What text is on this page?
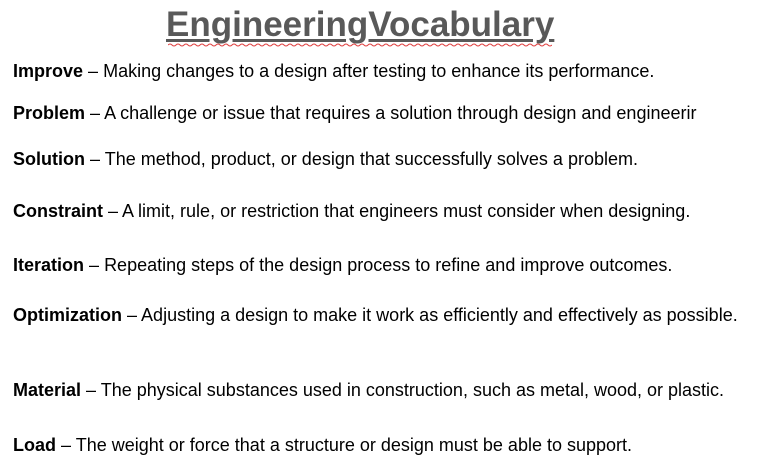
EngineeringVocabulary

Improve – Making changes to a design after testing to enhance its performance.

Problem – A challenge or issue that requires a solution through design and engineerir

Solution – The method, product, or design that successfully solves a problem.

Constraint – A limit, rule, or restriction that engineers must consider when designing.

Iteration – Repeating steps of the design process to refine and improve outcomes.

Optimization – Adjusting a design to make it work as efficiently and effectively as possible.

Material – The physical substances used in construction, such as metal, wood, or plastic.

Load – The weight or force that a structure or design must be able to support.
